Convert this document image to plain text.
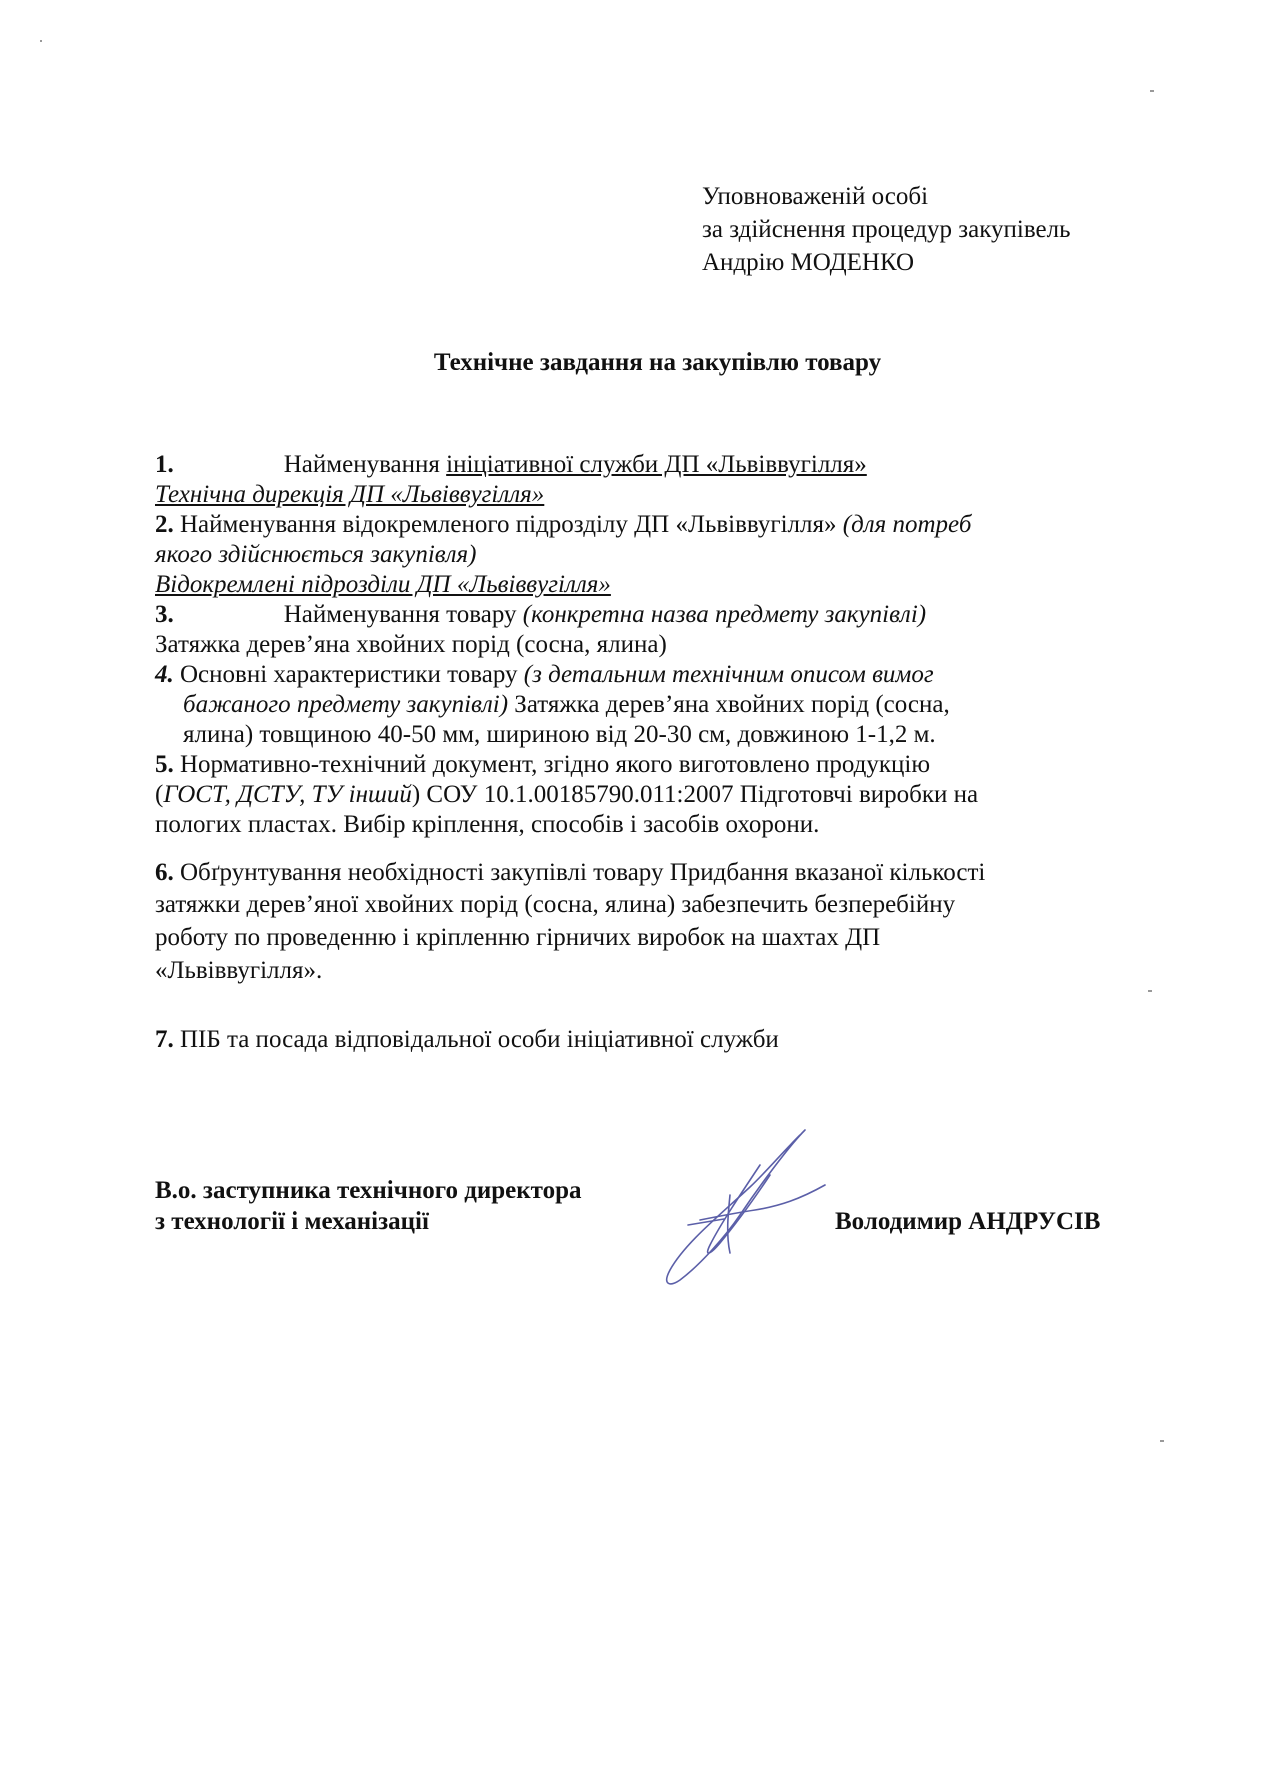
Уповноваженій особі
за здійснення процедур закупівель
Андрію МОДЕНКО
Технічне завдання на закупівлю товару
1.	Найменування ініціативної служби ДП «Львіввугілля»
Технічна дирекція ДП «Львіввугілля»
2. Найменування відокремленого підрозділу ДП «Львіввугілля» (для потреб
якого здійснюється закупівля)
Відокремлені підрозділи ДП «Львіввугілля»
3.	Найменування товару (конкретна назва предмету закупівлі)
Затяжка дерев’яна хвойних порід (сосна, ялина)
4. Основні характеристики товару (з детальним технічним описом вимог
бажаного предмету закупівлі) Затяжка дерев’яна хвойних порід (сосна,
ялина) товщиною 40-50 мм, шириною від 20-30 см, довжиною 1-1,2 м.
5. Нормативно-технічний документ, згідно якого виготовлено продукцію
(ГОСТ, ДСТУ, ТУ інший) СОУ 10.1.00185790.011:2007 Підготовчі виробки на
пологих пластах. Вибір кріплення, способів і засобів охорони.
6. Обґрунтування необхідності закупівлі товару Придбання вказаної кількості
затяжки дерев’яної хвойних порід (сосна, ялина) забезпечить безперебійну
роботу по проведенню і кріпленню гірничих виробок на шахтах ДП
«Львіввугілля».
7. ПІБ та посада відповідальної особи ініціативної служби
В.о. заступника технічного директора
з технології і механізації	Володимир АНДРУСІВ
